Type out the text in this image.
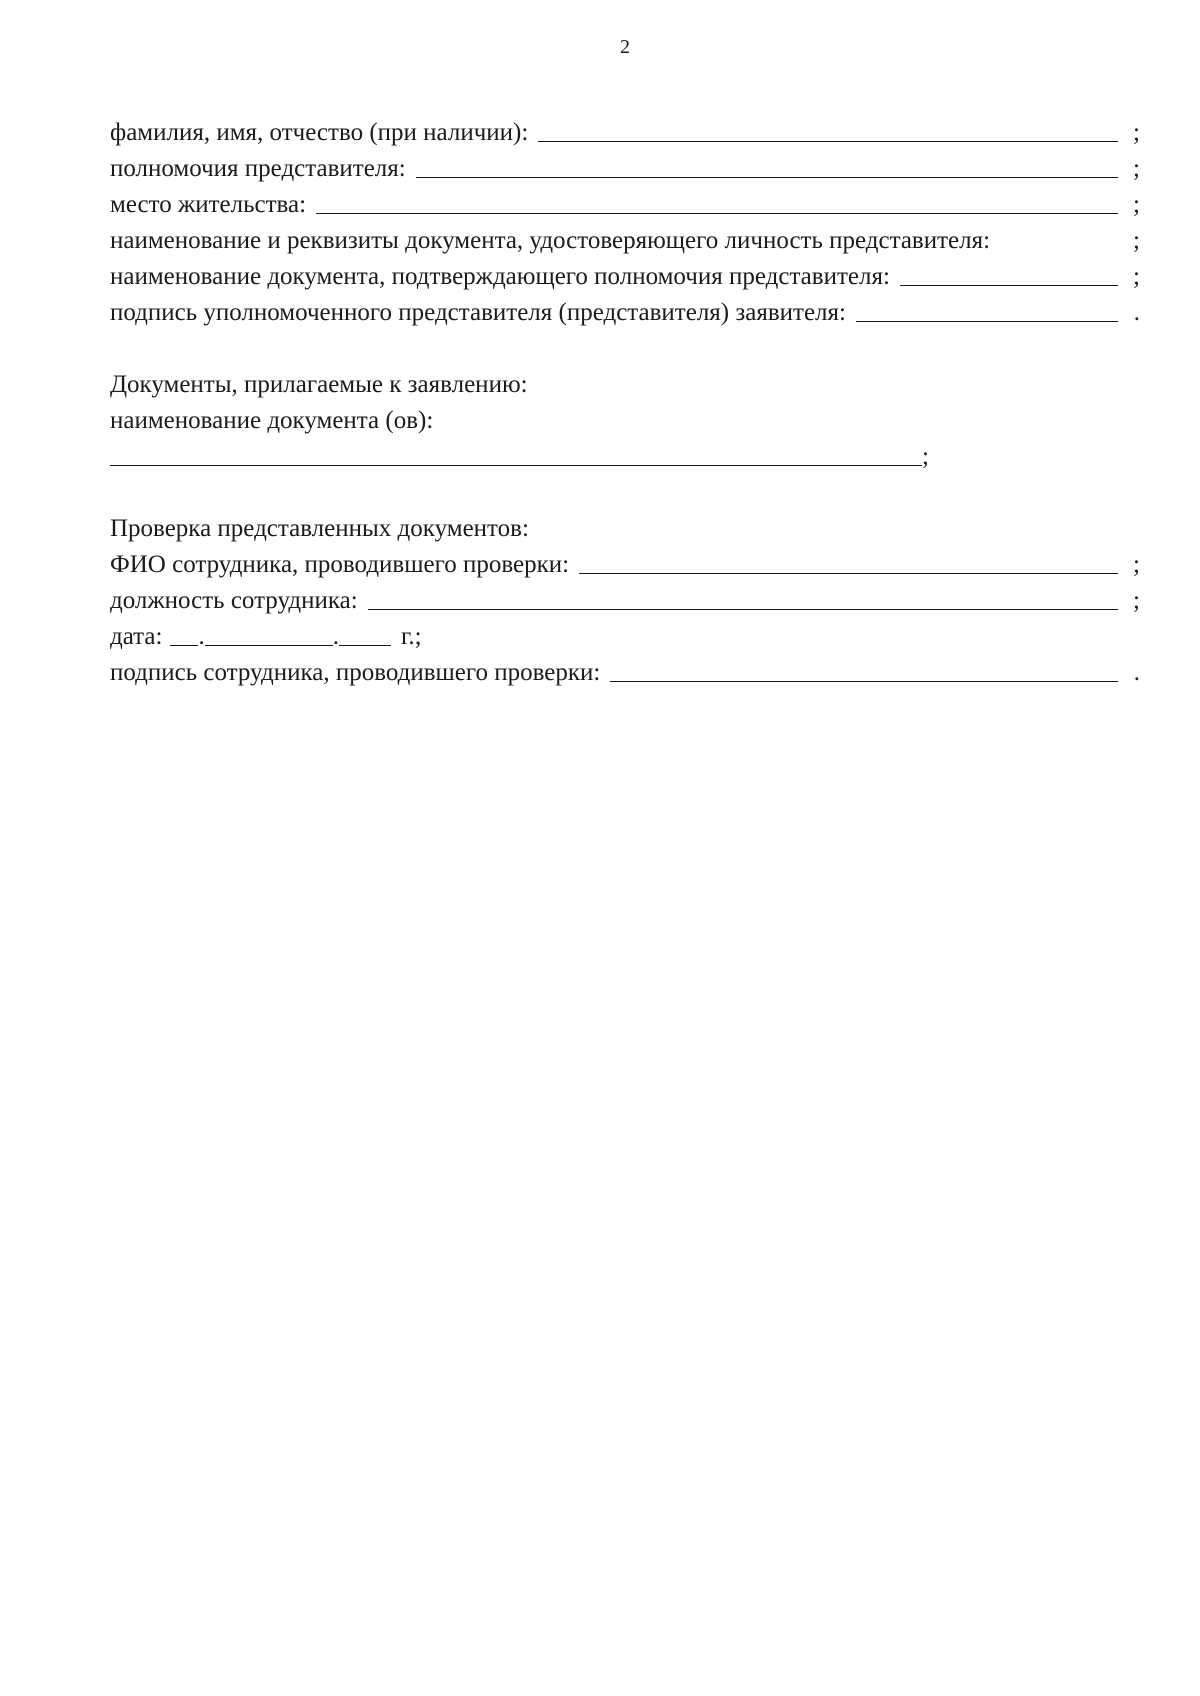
2
фамилия, имя, отчество (при наличии):	;
полномочия представителя:	;
место жительства:	;
наименование и реквизиты документа, удостоверяющего личность представителя:	;
наименование документа, подтверждающего полномочия представителя:	;
подпись уполномоченного представителя (представителя) заявителя:	.
Документы, прилагаемые к заявлению:
наименование документа (ов):
;
Проверка представленных документов:
ФИО сотрудника, проводившего проверки:	;
должность сотрудника:	;
дата: .	. г.;
подпись сотрудника, проводившего проверки:	.
